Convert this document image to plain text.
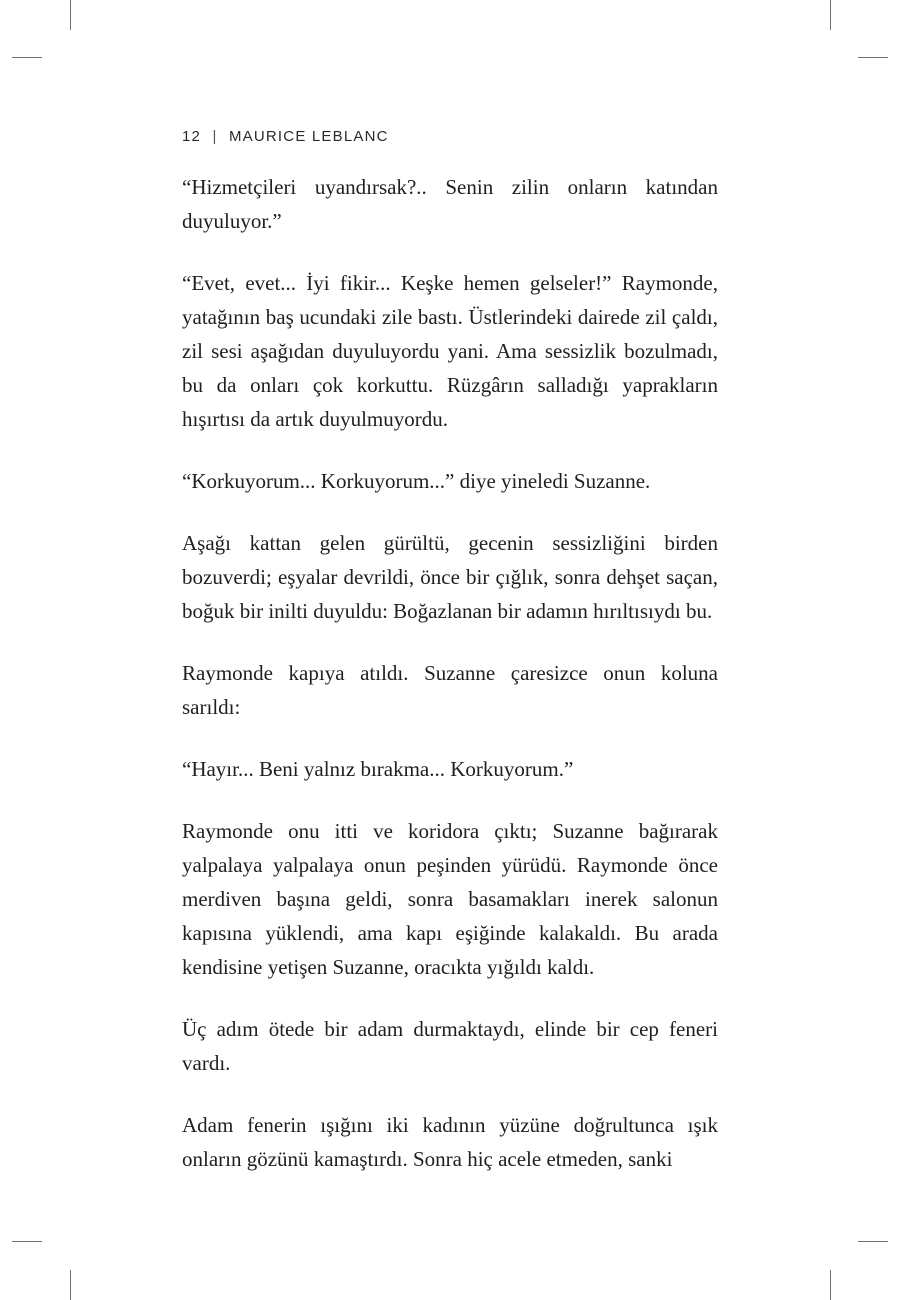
12 | MAURICE LEBLANC

“Hizmetçileri uyandırsak?.. Senin zilin onların katından duyuluyor.”

“Evet, evet... İyi fikir... Keşke hemen gelseler!” Raymonde, yatağının baş ucundaki zile bastı. Üstlerindeki dairede zil çaldı, zil sesi aşağıdan duyuluyordu yani. Ama sessizlik bozulmadı, bu da onları çok korkuttu. Rüzgârın salladığı yaprakların hışırtısı da artık duyulmuyordu.

“Korkuyorum... Korkuyorum...” diye yineledi Suzanne.

Aşağı kattan gelen gürültü, gecenin sessizliğini birden bozuverdi; eşyalar devrildi, önce bir çığlık, sonra dehşet saçan, boğuk bir inilti duyuldu: Boğazlanan bir adamın hırıltısıydı bu.

Raymonde kapıya atıldı. Suzanne çaresizce onun koluna sarıldı:

“Hayır... Beni yalnız bırakma... Korkuyorum.”

Raymonde onu itti ve koridora çıktı; Suzanne bağırarak yalpalaya yalpalaya onun peşinden yürüdü. Raymonde önce merdiven başına geldi, sonra basamakları inerek salonun kapısına yüklendi, ama kapı eşiğinde kalakaldı. Bu arada kendisine yetişen Suzanne, oracıkta yığıldı kaldı.

Üç adım ötede bir adam durmaktaydı, elinde bir cep feneri vardı.

Adam fenerin ışığını iki kadının yüzüne doğrultunca ışık onların gözünü kamaştırdı. Sonra hiç acele etmeden, sanki
